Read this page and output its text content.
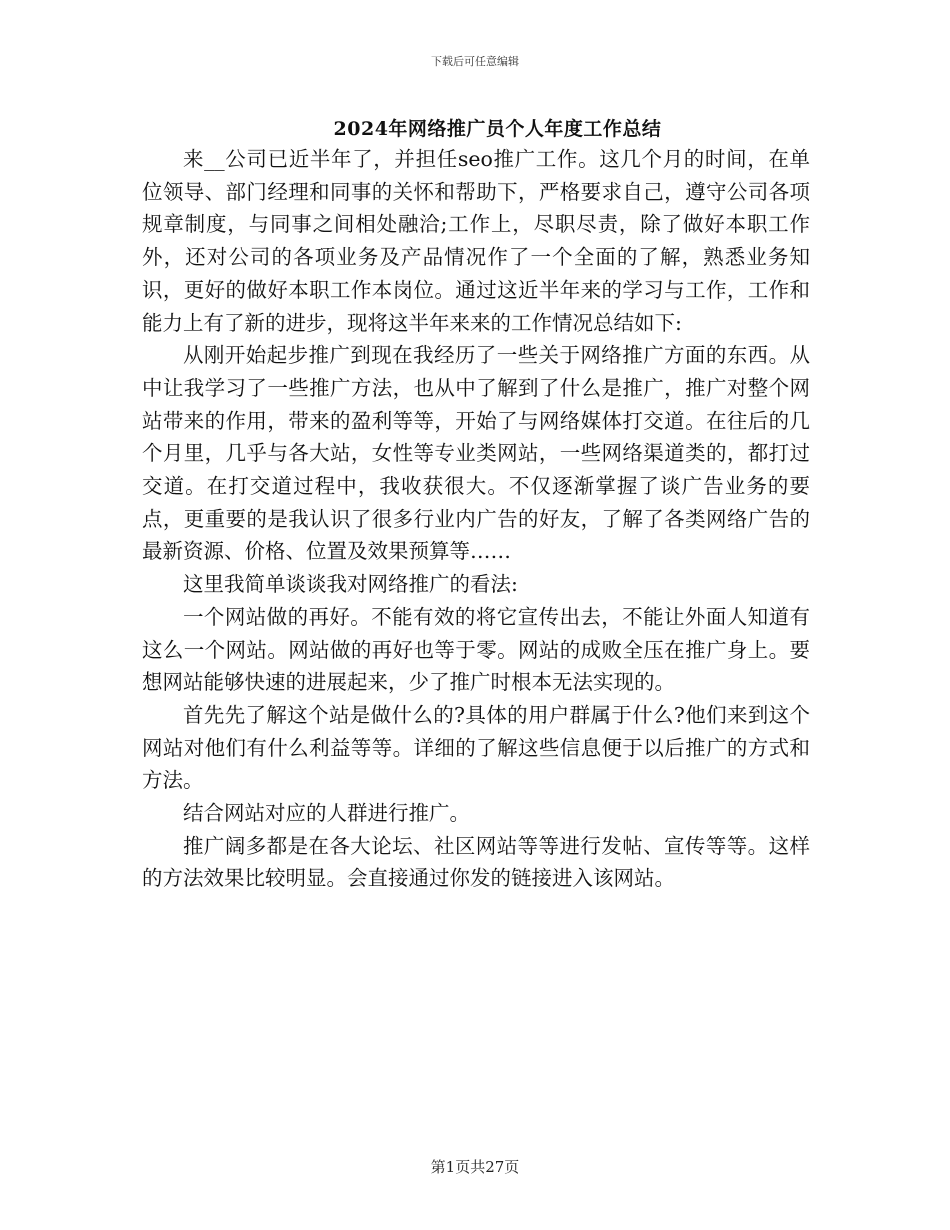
下载后可任意编辑
2024年网络推广员个人年度工作总结

来__公司已近半年了，并担任seo推广工作。这几个月的时间，在单位领导、部门经理和同事的关怀和帮助下，严格要求自己，遵守公司各项规章制度，与同事之间相处融洽;工作上，尽职尽责，除了做好本职工作外，还对公司的各项业务及产品情况作了一个全面的了解，熟悉业务知识，更好的做好本职工作本岗位。通过这近半年来的学习与工作，工作和能力上有了新的进步，现将这半年来来的工作情况总结如下:

从刚开始起步推广到现在我经历了一些关于网络推广方面的东西。从中让我学习了一些推广方法，也从中了解到了什么是推广，推广对整个网站带来的作用，带来的盈利等等，开始了与网络媒体打交道。在往后的几个月里，几乎与各大站，女性等专业类网站，一些网络渠道类的，都打过交道。在打交道过程中，我收获很大。不仅逐渐掌握了谈广告业务的要点，更重要的是我认识了很多行业内广告的好友，了解了各类网络广告的最新资源、价格、位置及效果预算等……

这里我简单谈谈我对网络推广的看法:

一个网站做的再好。不能有效的将它宣传出去，不能让外面人知道有这么一个网站。网站做的再好也等于零。网站的成败全压在推广身上。要想网站能够快速的进展起来，少了推广时根本无法实现的。

首先先了解这个站是做什么的?具体的用户群属于什么?他们来到这个网站对他们有什么利益等等。详细的了解这些信息便于以后推广的方式和方法。

结合网站对应的人群进行推广。

推广阔多都是在各大论坛、社区网站等等进行发帖、宣传等等。这样的方法效果比较明显。会直接通过你发的链接进入该网站。

第1页共27页
